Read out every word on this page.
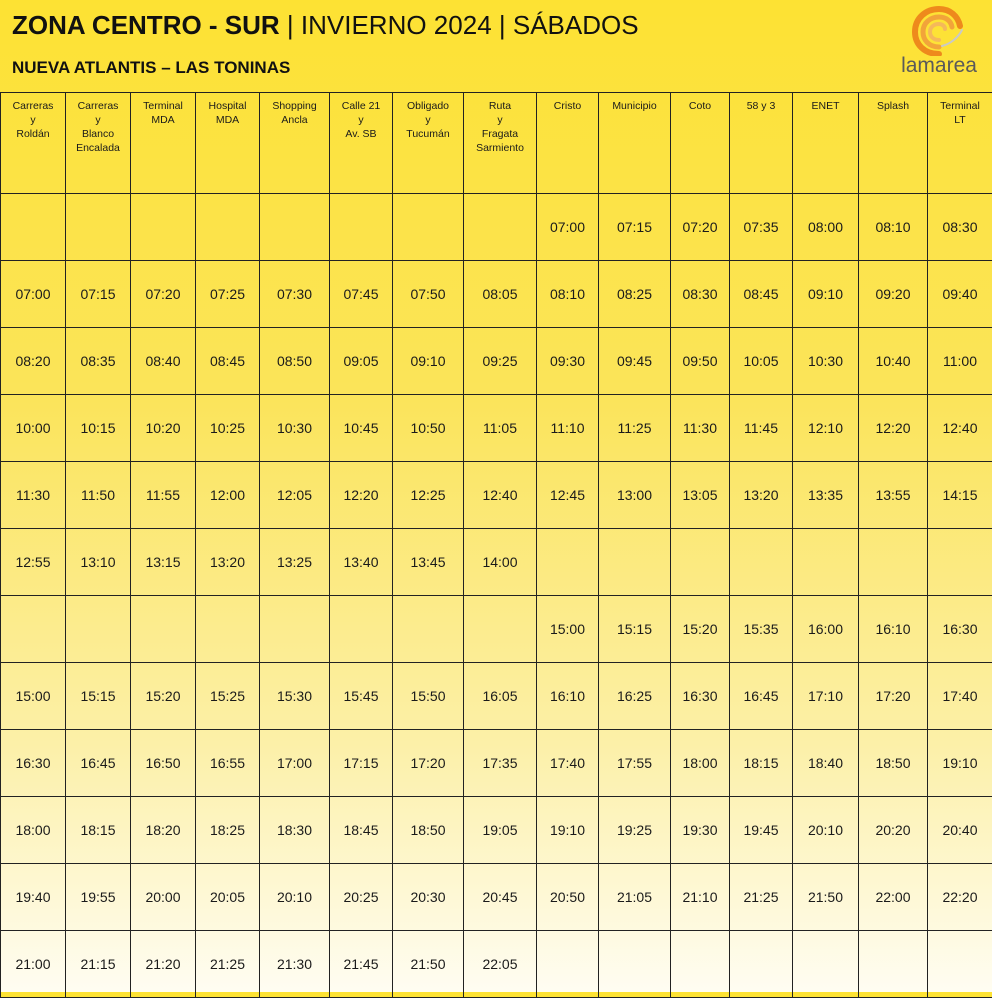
ZONA CENTRO - SUR | INVIERNO 2024 | SÁBADOS
NUEVA ATLANTIS – LAS TONINAS	lamarea
Carreras
y
Roldán	Carreras
y
Blanco
Encalada	Terminal
MDA	Hospital
MDA	Shopping
Ancla	Calle 21
y
Av. SB	Obligado
y
Tucumán	Ruta
y
Fragata
Sarmiento	Cristo	Municipio	Coto	58 y 3	ENET	Splash	Terminal
LT

								07:00	07:15	07:20	07:35	08:00	08:10	08:30
07:00	07:15	07:20	07:25	07:30	07:45	07:50	08:05	08:10	08:25	08:30	08:45	09:10	09:20	09:40
08:20	08:35	08:40	08:45	08:50	09:05	09:10	09:25	09:30	09:45	09:50	10:05	10:30	10:40	11:00
10:00	10:15	10:20	10:25	10:30	10:45	10:50	11:05	11:10	11:25	11:30	11:45	12:10	12:20	12:40
11:30	11:50	11:55	12:00	12:05	12:20	12:25	12:40	12:45	13:00	13:05	13:20	13:35	13:55	14:15
12:55	13:10	13:15	13:20	13:25	13:40	13:45	14:00							
								15:00	15:15	15:20	15:35	16:00	16:10	16:30
15:00	15:15	15:20	15:25	15:30	15:45	15:50	16:05	16:10	16:25	16:30	16:45	17:10	17:20	17:40
16:30	16:45	16:50	16:55	17:00	17:15	17:20	17:35	17:40	17:55	18:00	18:15	18:40	18:50	19:10
18:00	18:15	18:20	18:25	18:30	18:45	18:50	19:05	19:10	19:25	19:30	19:45	20:10	20:20	20:40
19:40	19:55	20:00	20:05	20:10	20:25	20:30	20:45	20:50	21:05	21:10	21:25	21:50	22:00	22:20
21:00	21:15	21:20	21:25	21:30	21:45	21:50	22:05							
